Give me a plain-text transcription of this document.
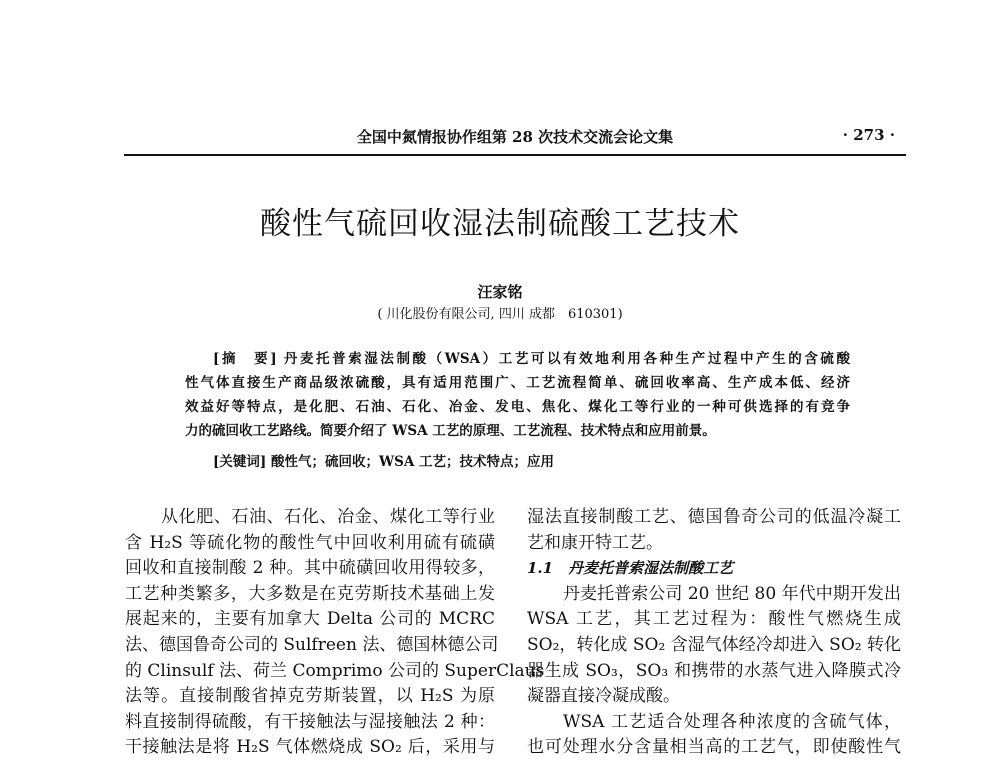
全国中氮情报协作组第 28 次技术交流会论文集	· 273 ·
酸性气硫回收湿法制硫酸工艺技术
汪家铭
( 川化股份有限公司, 四川 成都　610301)
[摘　要] 丹麦托普索湿法制酸（WSA）工艺可以有效地利用各种生产过程中产生的含硫酸
性气体直接生产商品级浓硫酸，具有适用范围广、工艺流程简单、硫回收率高、生产成本低、经济
效益好等特点，是化肥、石油、石化、冶金、发电、焦化、煤化工等行业的一种可供选择的有竞争
力的硫回收工艺路线。简要介绍了 WSA 工艺的原理、工艺流程、技术特点和应用前景。
[关键词] 酸性气；硫回收；WSA 工艺；技术特点；应用
从化肥、石油、石化、冶金、煤化工等行业
含 H₂S 等硫化物的酸性气中回收利用硫有硫磺
回收和直接制酸 2 种。其中硫磺回收用得较多，
工艺种类繁多，大多数是在克劳斯技术基础上发
展起来的，主要有加拿大 Delta 公司的 MCRC
法、德国鲁奇公司的 Sulfreen 法、德国林德公司
的 Clinsulf 法、荷兰 Comprimo 公司的 SuperClaus
法等。直接制酸省掉克劳斯装置，以 H₂S 为原
料直接制得硫酸，有干接触法与湿接触法 2 种：
干接触法是将 H₂S 气体燃烧成 SO₂ 后，采用与
湿法直接制酸工艺、德国鲁奇公司的低温冷凝工
艺和康开特工艺。
1.1　丹麦托普索湿法制酸工艺
丹麦托普索公司 20 世纪 80 年代中期开发出
WSA 工艺，其工艺过程为：酸性气燃烧生成
SO₂，转化成 SO₂ 含湿气体经冷却进入 SO₂ 转化
器生成 SO₃，SO₃ 和携带的水蒸气进入降膜式冷
凝器直接冷凝成酸。
WSA 工艺适合处理各种浓度的含硫气体，
也可处理水分含量相当高的工艺气，即使酸性气
